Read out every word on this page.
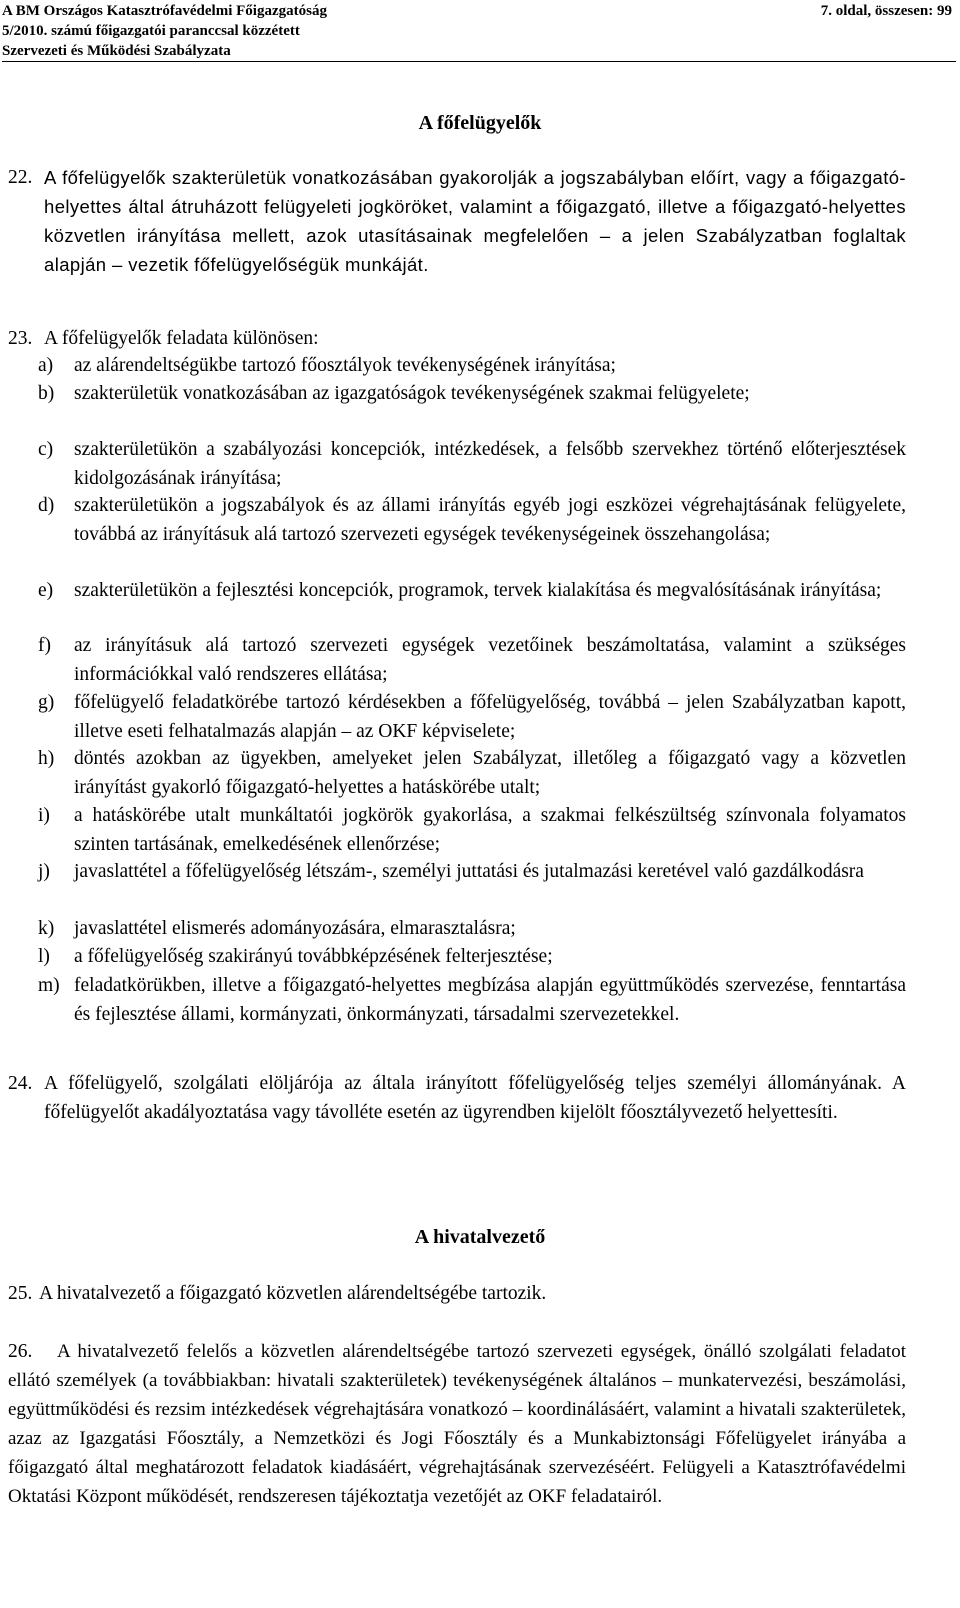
A BM Országos Katasztrófavédelmi Főigazgatóság
5/2010. számú főigazgatói paranccsal közzétett
Szervezeti és Működési Szabályzata
7. oldal, összesen: 99
A főfelügyelők
22. A főfelügyelők szakterületük vonatkozásában gyakorolják a jogszabályban előírt, vagy a főigazgató-helyettes által átruházott felügyeleti jogköröket, valamint a főigazgató, illetve a főigazgató-helyettes közvetlen irányítása mellett, azok utasításainak megfelelően – a jelen Szabályzatban foglaltak alapján – vezetik főfelügyelőségük munkáját.
23. A főfelügyelők feladata különösen:
a) az alárendeltségükbe tartozó főosztályok tevékenységének irányítása;
b) szakterületük vonatkozásában az igazgatóságok tevékenységének szakmai felügyelete;
c) szakterületükön a szabályozási koncepciók, intézkedések, a felsőbb szervekhez történő előterjesztések kidolgozásának irányítása;
d) szakterületükön a jogszabályok és az állami irányítás egyéb jogi eszközei végrehajtásának felügyelete, továbbá az irányításuk alá tartozó szervezeti egységek tevékenységeinek összehangolása;
e) szakterületükön a fejlesztési koncepciók, programok, tervek kialakítása és megvalósításának irányítása;
f) az irányításuk alá tartozó szervezeti egységek vezetőinek beszámoltatása, valamint a szükséges információkkal való rendszeres ellátása;
g) főfelügyelő feladatkörébe tartozó kérdésekben a főfelügyelőség, továbbá – jelen Szabályzatban kapott, illetve eseti felhatalmazás alapján – az OKF képviselete;
h) döntés azokban az ügyekben, amelyeket jelen Szabályzat, illetőleg a főigazgató vagy a közvetlen irányítást gyakorló főigazgató-helyettes a hatáskörébe utalt;
i) a hatáskörébe utalt munkáltatói jogkörök gyakorlása, a szakmai felkészültség színvonala folyamatos szinten tartásának, emelkedésének ellenőrzése;
j) javaslattétel a főfelügyelőség létszám-, személyi juttatási és jutalmazási keretével való gazdálkodásra
k) javaslattétel elismerés adományozására, elmarasztalásra;
l) a főfelügyelőség szakirányú továbbképzésének felterjesztése;
m) feladatkörükben, illetve a főigazgató-helyettes megbízása alapján együttműködés szervezése, fenntartása és fejlesztése állami, kormányzati, önkormányzati, társadalmi szervezetekkel.
24. A főfelügyelő, szolgálati elöljárója az általa irányított főfelügyelőség teljes személyi állományának. A főfelügyelőt akadályoztatása vagy távolléte esetén az ügyrendben kijelölt főosztályvezető helyettesíti.
A hivatalvezető
25. A hivatalvezető a főigazgató közvetlen alárendeltségébe tartozik.
26.	A hivatalvezető felelős a közvetlen alárendeltségébe tartozó szervezeti egységek, önálló szolgálati feladatot ellátó személyek (a továbbiakban: hivatali szakterületek) tevékenységének általános – munkatervezési, beszámolási, együttműködési és rezsim intézkedések végrehajtására vonatkozó – koordinálásáért, valamint a hivatali szakterületek, azaz az Igazgatási Főosztály, a Nemzetközi és Jogi Főosztály és a Munkabiztonsági Főfelügyelet irányába a főigazgató által meghatározott feladatok kiadásáért, végrehajtásának szervezéséért. Felügyeli a Katasztrófavédelmi Oktatási Központ működését, rendszeresen tájékoztatja vezetőjét az OKF feladatairól.
